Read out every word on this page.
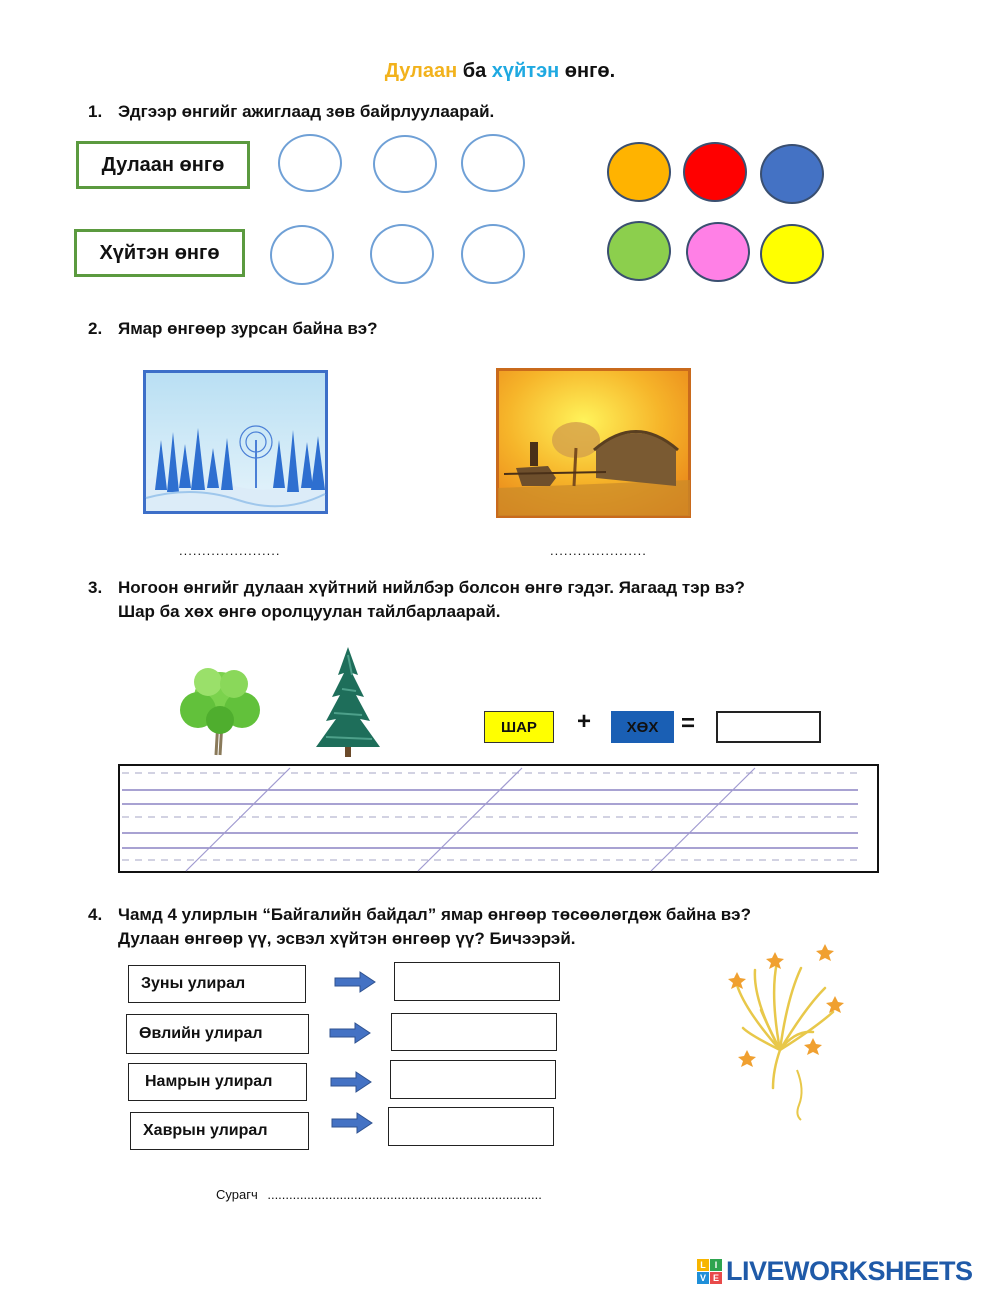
Дулаан ба хүйтэн өнгө.
1. Эдгээр өнгийг ажиглаад зөв байрлуулаарай.
Дулаан өнгө
Хүйтэн өнгө
2. Ямар өнгөөр зурсан байна вэ?
......................	.....................
3. Ногоон өнгийг дулаан хүйтний нийлбэр болсон өнгө гэдэг. Яагаад тэр вэ?
Шар ба хөх өнгө оролцуулан тайлбарлаарай.
ШАР	+	ХӨХ =
4. Чамд 4 улирлын “Байгалийн байдал” ямар өнгөөр төсөөлөгдөж байна вэ?
Дулаан өнгөөр үү, эсвэл хүйтэн өнгөөр үү? Бичээрэй.
Зуны улирал
Өвлийн улирал
Намрын улирал
Хаврын улирал
Сурагч ............................................................................
L I
V E LIVEWORKSHEETS
